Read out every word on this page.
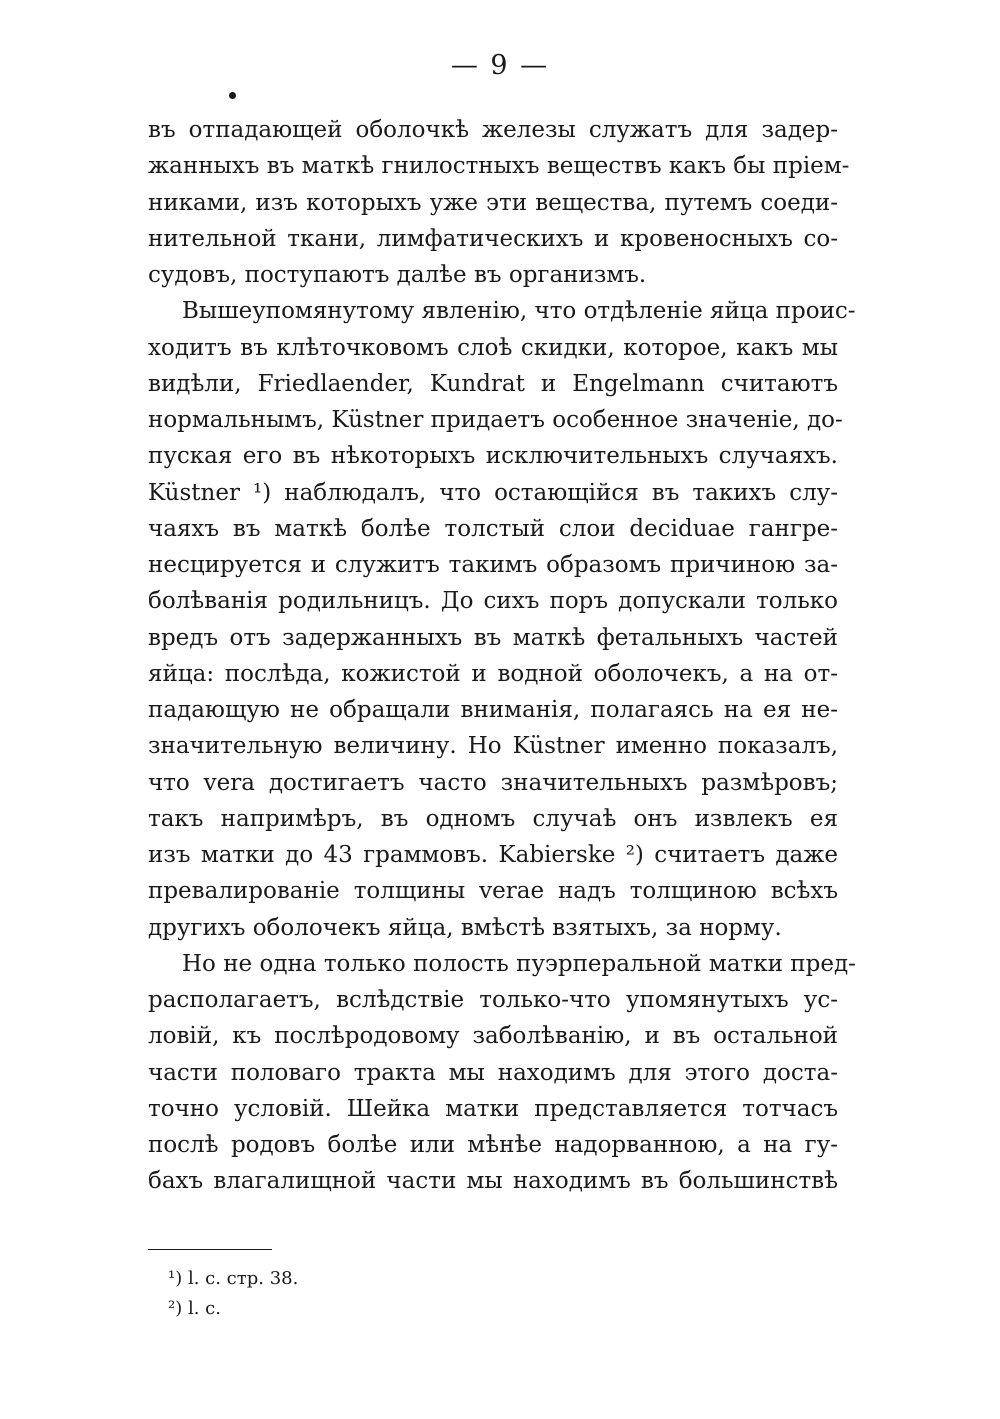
— 9 —
въ отпадающей оболочкѣ железы служатъ для задер-
жанныхъ въ маткѣ гнилостныхъ веществъ какъ бы пріем-
никами, изъ которыхъ уже эти вещества, путемъ соеди-
нительной ткани, лимфатическихъ и кровеносныхъ со-
судовъ, поступаютъ далѣе въ организмъ.
Вышеупомянутому явленію, что отдѣленіе яйца проис-
ходитъ въ клѣточковомъ слоѣ скидки, которое, какъ мы
видѣли, Friedlaender, Kundrat и Engelmann считаютъ
нормальнымъ, Küstner придаетъ особенное значеніе, до-
пуская его въ нѣкоторыхъ исключительныхъ случаяхъ.
Küstner ¹) наблюдалъ, что остающійся въ такихъ слу-
чаяхъ въ маткѣ болѣе толстый слои deciduae гангре-
несцируется и служитъ такимъ образомъ причиною за-
болѣванія родильницъ. До сихъ поръ допускали только
вредъ отъ задержанныхъ въ маткѣ фетальныхъ частей
яйца: послѣда, кожистой и водной оболочекъ, а на от-
падающую не обращали вниманія, полагаясь на ея не-
значительную величину. Но Küstner именно показалъ,
что vera достигаетъ часто значительныхъ размѣровъ;
такъ напримѣръ, въ одномъ случаѣ онъ извлекъ ея
изъ матки до 43 граммовъ. Kabierske ²) считаетъ даже
превалированіе толщины verae надъ толщиною всѣхъ
другихъ оболочекъ яйца, вмѣстѣ взятыхъ, за норму.
Но не одна только полость пуэрперальной матки пред-
располагаетъ, вслѣдствіе только-что упомянутыхъ ус-
ловій, къ послѣродовому заболѣванію, и въ остальной
части половаго тракта мы находимъ для этого доста-
точно условій. Шейка матки представляется тотчасъ
послѣ родовъ болѣе или мѣнѣе надорванною, а на гу-
бахъ влагалищной части мы находимъ въ большинствѣ
¹) l. c. стр. 38.
²) l. c.
